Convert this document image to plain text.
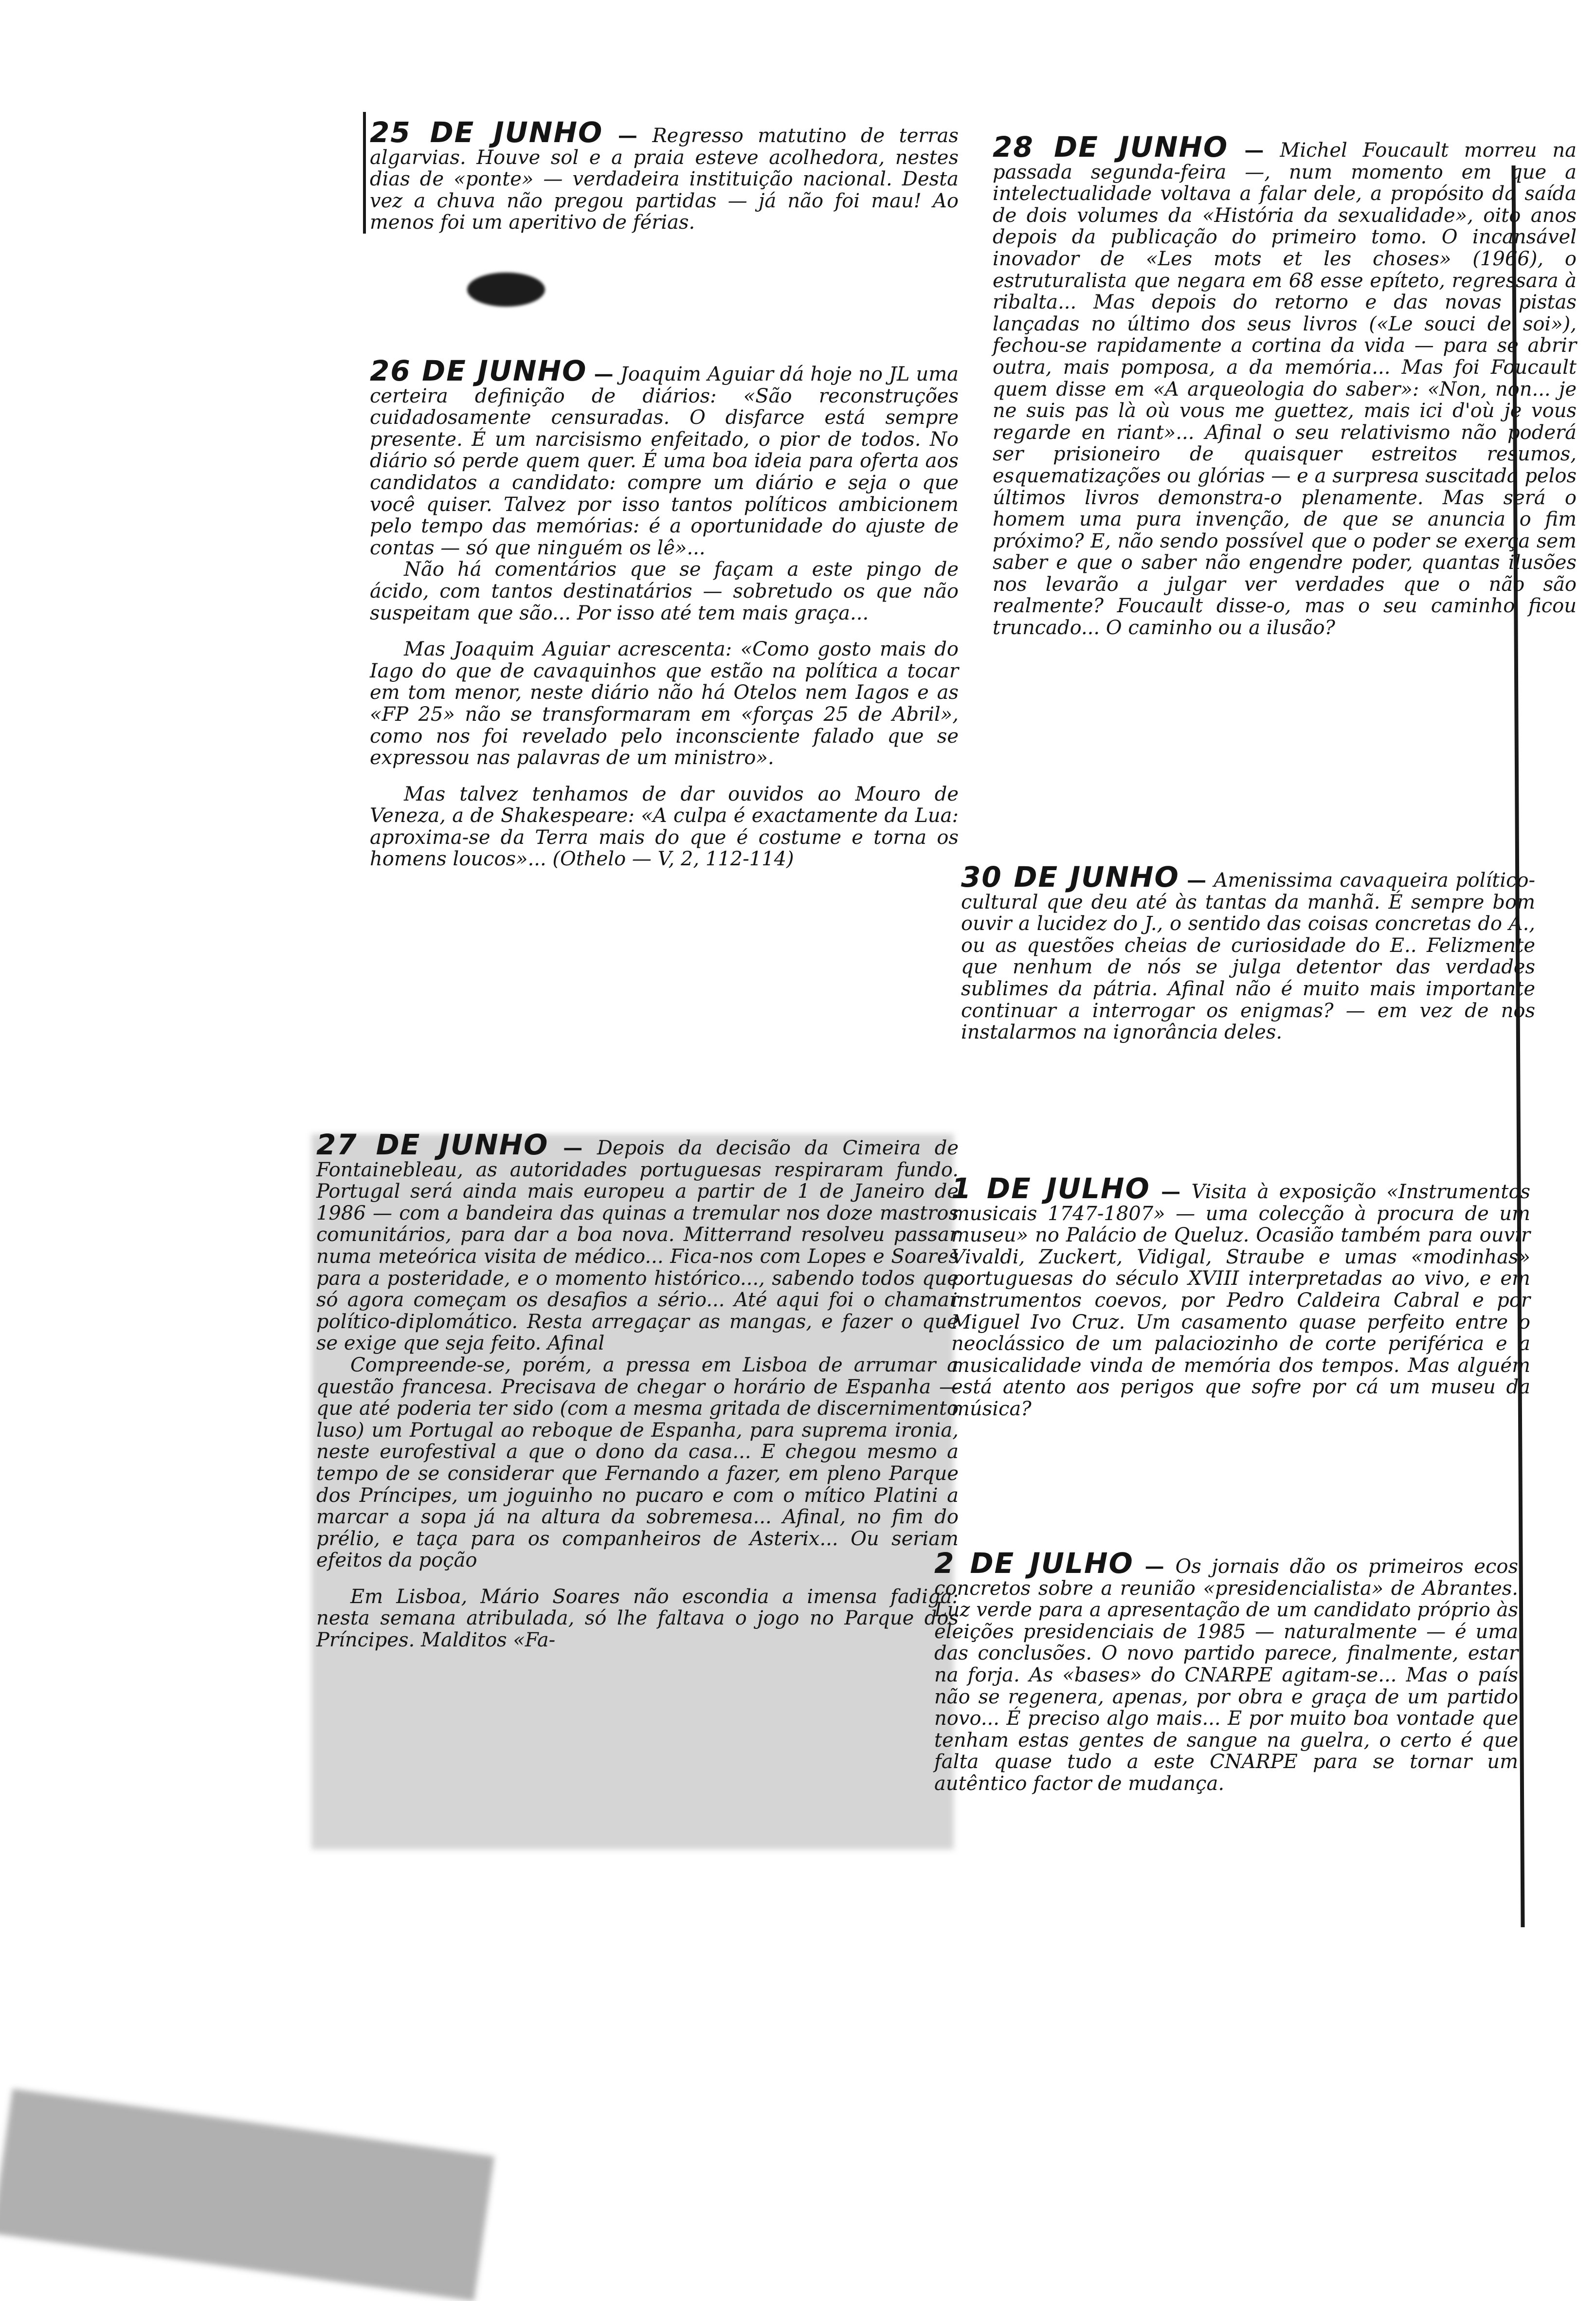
25 DE JUNHO — Regresso matutino de terras algarvias. Houve sol e a praia esteve acolhedora, nestes dias de «ponte» — verdadeira instituição nacional. Desta vez a chuva não pregou partidas — já não foi mau! Ao menos foi um aperitivo de férias.

26 DE JUNHO — Joaquim Aguiar dá hoje no JL uma certeira definição de diários: «São reconstruções cuidadosamente censuradas. O disfarce está sempre presente. É um narcisismo enfeitado, o pior de todos. No diário só perde quem quer. É uma boa ideia para oferta aos candidatos a candidato: compre um diário e seja o que você quiser. Talvez por isso tantos políticos ambicionem pelo tempo das memórias: é a oportunidade do ajuste de contas — só que ninguém os lê»...

Não há comentários que se façam a este pingo de ácido, com tantos destinatários — sobretudo os que não suspeitam que são... Por isso até tem mais graça...

Mas Joaquim Aguiar acrescenta: «Como gosto mais do Iago do que de cavaquinhos que estão na política a tocar em tom menor, neste diário não há Otelos nem Iagos e as «FP 25» não se transformaram em «forças 25 de Abril», como nos foi revelado pelo inconsciente falado que se expressou nas palavras de um ministro».

Mas talvez tenhamos de dar ouvidos ao Mouro de Veneza, a de Shakespeare: «A culpa é exactamente da Lua: aproxima-se da Terra mais do que é costume e torna os homens loucos»... (Othelo — V, 2, 112-114)

27 DE JUNHO — Depois da decisão da Cimeira de Fontainebleau, as autoridades portuguesas respiraram fundo. Portugal será ainda mais europeu a partir de 1 de Janeiro de 1986 — com a bandeira das quinas a tremular nos doze mastros comunitários, para dar a boa nova. Mitterrand resolveu passar numa meteórica visita de médico... Fica-nos com Lopes e Soares para a posteridade, e o momento histórico..., sabendo todos que só agora começam os desafios a sério... Até aqui foi o chamar político-diplomático. Resta arregaçar as mangas, e fazer o que se exige que seja feito. Afinal

Compreende-se, porém, a pressa em Lisboa de arrumar a questão francesa. Precisava de chegar o horário de Espanha — que até poderia ter sido (com a mesma gritada de discernimento luso) um Portugal ao reboque de Espanha, para suprema ironia, neste eurofestival a que o dono da casa... E chegou mesmo a tempo de se considerar que Fernando a fazer, em pleno Parque dos Príncipes, um joguinho no pucaro e com o mítico Platini a marcar a sopa já na altura da sobremesa... Afinal, no fim do prélio, e taça para os companheiros de Asterix... Ou seriam efeitos da poção

Em Lisboa, Mário Soares não escondia a imensa fadiga: nesta semana atribulada, só lhe faltava o jogo no Parque dos Príncipes. Malditos «Fa-

28 DE JUNHO — Michel Foucault morreu na passada segunda-feira —, num momento em que a intelectualidade voltava a falar dele, a propósito da saída de dois volumes da «História da sexualidade», oito anos depois da publicação do primeiro tomo. O incansável inovador de «Les mots et les choses» (1966), o estruturalista que negara em 68 esse epíteto, regressara à ribalta... Mas depois do retorno e das novas pistas lançadas no último dos seus livros («Le souci de soi»), fechou-se rapidamente a cortina da vida — para se abrir outra, mais pomposa, a da memória... Mas foi Foucault quem disse em «A arqueologia do saber»: «Non, non... je ne suis pas là où vous me guettez, mais ici d'où je vous regarde en riant»... Afinal o seu relativismo não poderá ser prisioneiro de quaisquer estreitos resumos, esquematizações ou glórias — e a surpresa suscitada pelos últimos livros demonstra-o plenamente. Mas será o homem uma pura invenção, de que se anuncia o fim próximo? E, não sendo possível que o poder se exerça sem saber e que o saber não engendre poder, quantas ilusões nos levarão a julgar ver verdades que o não são realmente? Foucault disse-o, mas o seu caminho ficou truncado... O caminho ou a ilusão?

30 DE JUNHO — Amenissima cavaqueira político-cultural que deu até às tantas da manhã. É sempre bom ouvir a lucidez do J., o sentido das coisas concretas do A., ou as questões cheias de curiosidade do E.. Felizmente que nenhum de nós se julga detentor das verdades sublimes da pátria. Afinal não é muito mais importante continuar a interrogar os enigmas? — em vez de nos instalarmos na ignorância deles.

1 DE JULHO — Visita à exposição «Instrumentos musicais 1747-1807» — uma colecção à procura de um museu» no Palácio de Queluz. Ocasião também para ouvir Vivaldi, Zuckert, Vidigal, Straube e umas «modinhas» portuguesas do século XVIII interpretadas ao vivo, e em instrumentos coevos, por Pedro Caldeira Cabral e por Miguel Ivo Cruz. Um casamento quase perfeito entre o neoclássico de um palaciozinho de corte periférica e a musicalidade vinda de memória dos tempos. Mas alguém está atento aos perigos que sofre por cá um museu da música?

2 DE JULHO — Os jornais dão os primeiros ecos concretos sobre a reunião «presidencialista» de Abrantes. Luz verde para a apresentação de um candidato próprio às eleições presidenciais de 1985 — naturalmente — é uma das conclusões. O novo partido parece, finalmente, estar na forja. As «bases» do CNARPE agitam-se... Mas o país não se regenera, apenas, por obra e graça de um partido novo... É preciso algo mais... E por muito boa vontade que tenham estas gentes de sangue na guelra, o certo é que falta quase tudo a este CNARPE para se tornar um autêntico factor de mudança.
